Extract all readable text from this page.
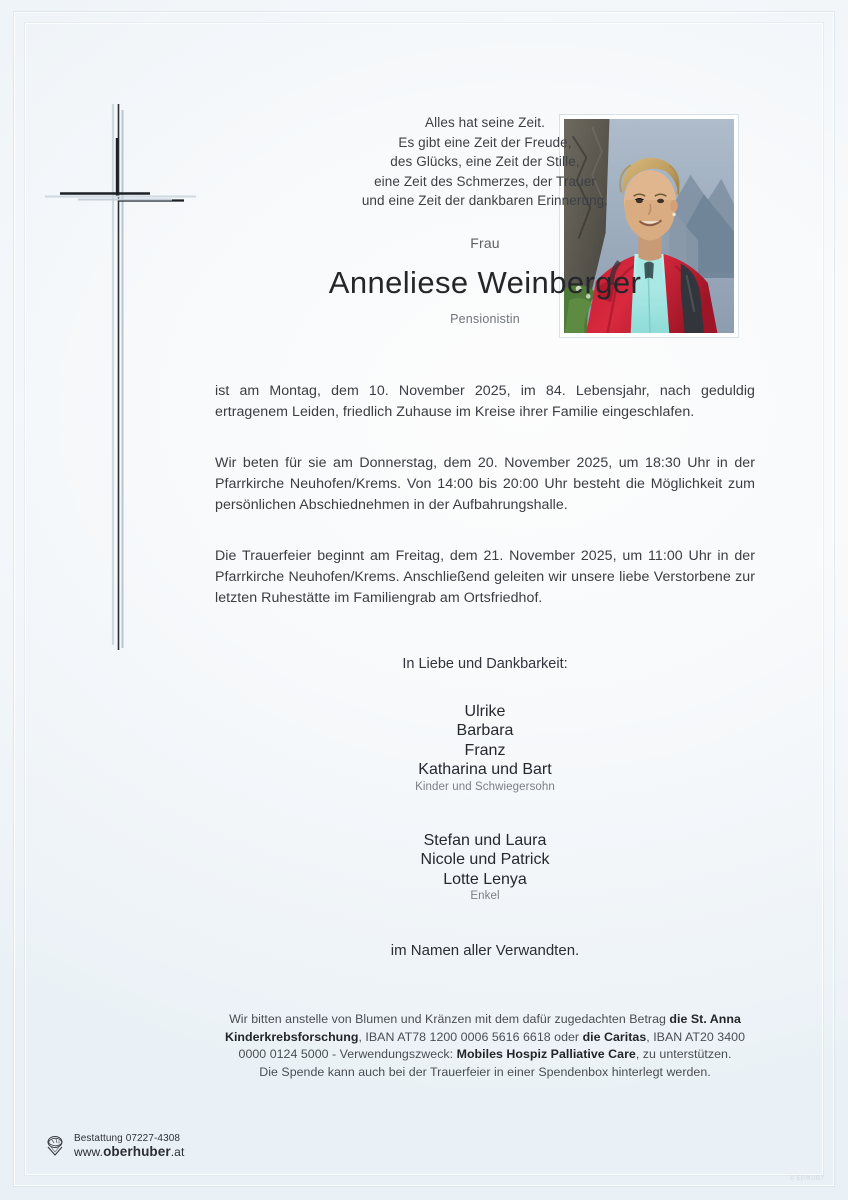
Alles hat seine Zeit.
Es gibt eine Zeit der Freude,
des Glücks, eine Zeit der Stille,
eine Zeit des Schmerzes, der Trauer
und eine Zeit der dankbaren Erinnerung.
Frau
Anneliese Weinberger
Pensionistin

ist am Montag, dem 10. November 2025, im 84. Lebensjahr, nach geduldig ertragenem Leiden, friedlich Zuhause im Kreise ihrer Familie eingeschlafen.

Wir beten für sie am Donnerstag, dem 20. November 2025, um 18:30 Uhr in der Pfarrkirche Neuhofen/Krems. Von 14:00 bis 20:00 Uhr besteht die Möglichkeit zum persönlichen Abschiednehmen in der Aufbahrungshalle.

Die Trauerfeier beginnt am Freitag, dem 21. November 2025, um 11:00 Uhr in der Pfarrkirche Neuhofen/Krems. Anschließend geleiten wir unsere liebe Verstorbene zur letzten Ruhestätte im Familiengrab am Ortsfriedhof.

In Liebe und Dankbarkeit:
Ulrike
Barbara
Franz
Katharina und Bart
Kinder und Schwiegersohn
Stefan und Laura
Nicole und Patrick
Lotte Lenya
Enkel
im Namen aller Verwandten.
Wir bitten anstelle von Blumen und Kränzen mit dem dafür zugedachten Betrag die St. Anna Kinderkrebsforschung, IBAN AT78 1200 0006 5616 6618 oder die Caritas, IBAN AT20 3400 0000 0124 5000 - Verwendungszweck: Mobiles Hospiz Palliative Care, zu unterstützen.
Die Spende kann auch bei der Trauerfeier in einer Spendenbox hinterlegt werden.
Bestattung 07227-4308
www.oberhuber.at
© EP/KUB7
